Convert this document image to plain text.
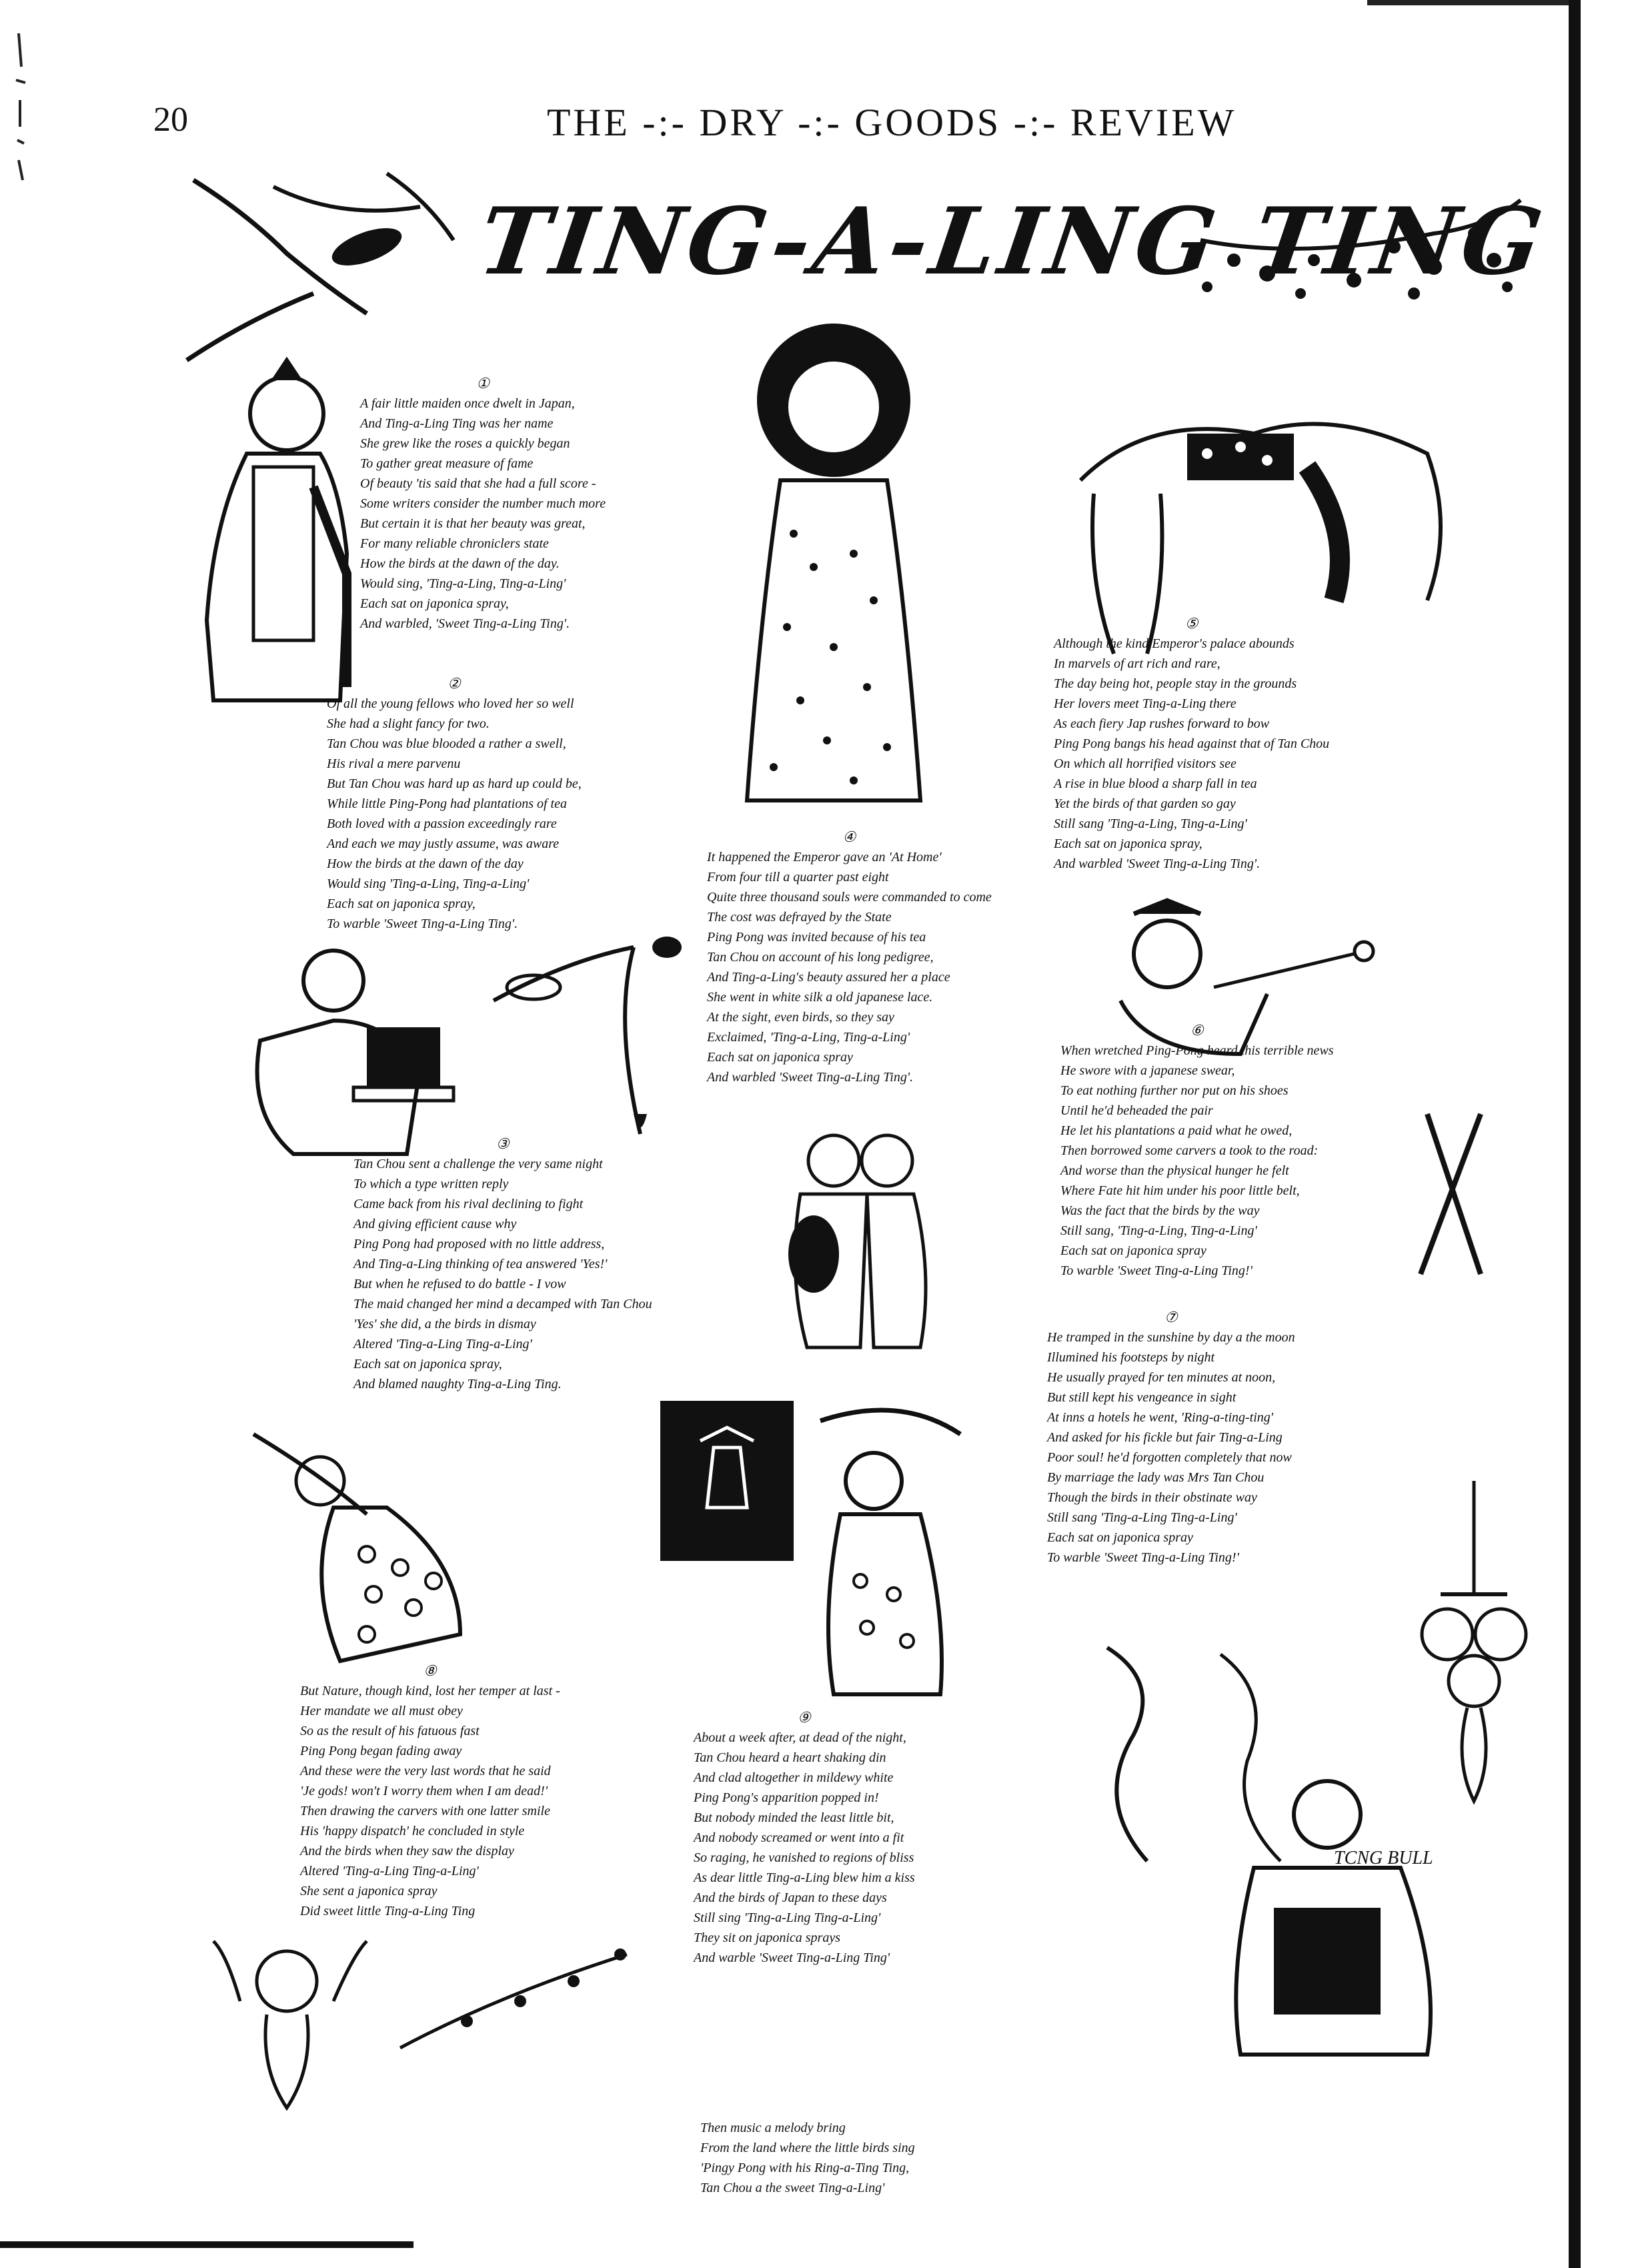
20	THE -:- DRY -:- GOODS -:- REVIEW
TING-A-LING TING
①
A fair little maiden once dwelt in Japan,
And Ting-a-Ling Ting was her name
She grew like the roses a quickly began
To gather great measure of fame
Of beauty 'tis said that she had a full score -
Some writers consider the number much more
But certain it is that her beauty was great,
For many reliable chroniclers state
How the birds at the dawn of the day.
Would sing, 'Ting-a-Ling, Ting-a-Ling'
Each sat on japonica spray,
And warbled, 'Sweet Ting-a-Ling Ting'.
②
Of all the young fellows who loved her so well
She had a slight fancy for two.
Tan Chou was blue blooded a rather a swell,
His rival a mere parvenu
But Tan Chou was hard up as hard up could be,
While little Ping-Pong had plantations of tea
Both loved with a passion exceedingly rare
And each we may justly assume, was aware
How the birds at the dawn of the day
Would sing 'Ting-a-Ling, Ting-a-Ling'
Each sat on japonica spray,
To warble 'Sweet Ting-a-Ling Ting'.
③
Tan Chou sent a challenge the very same night
To which a type written reply
Came back from his rival declining to fight
And giving efficient cause why
Ping Pong had proposed with no little address,
And Ting-a-Ling thinking of tea answered 'Yes!'
But when he refused to do battle - I vow
The maid changed her mind a decamped with Tan Chou
'Yes' she did, a the birds in dismay
Altered 'Ting-a-Ling Ting-a-Ling'
Each sat on japonica spray,
And blamed naughty Ting-a-Ling Ting.
④
It happened the Emperor gave an 'At Home'
From four till a quarter past eight
Quite three thousand souls were commanded to come
The cost was defrayed by the State
Ping Pong was invited because of his tea
Tan Chou on account of his long pedigree,
And Ting-a-Ling's beauty assured her a place
She went in white silk a old japanese lace.
At the sight, even birds, so they say
Exclaimed, 'Ting-a-Ling, Ting-a-Ling'
Each sat on japonica spray
And warbled 'Sweet Ting-a-Ling Ting'.
⑤
Although the kind Emperor's palace abounds
In marvels of art rich and rare,
The day being hot, people stay in the grounds
Her lovers meet Ting-a-Ling there
As each fiery Jap rushes forward to bow
Ping Pong bangs his head against that of Tan Chou
On which all horrified visitors see
A rise in blue blood a sharp fall in tea
Yet the birds of that garden so gay
Still sang 'Ting-a-Ling, Ting-a-Ling'
Each sat on japonica spray,
And warbled 'Sweet Ting-a-Ling Ting'.
⑥
When wretched Ping-Pong heard this terrible news
He swore with a japanese swear,
To eat nothing further nor put on his shoes
Until he'd beheaded the pair
He let his plantations a paid what he owed,
Then borrowed some carvers a took to the road:
And worse than the physical hunger he felt
Where Fate hit him under his poor little belt,
Was the fact that the birds by the way
Still sang, 'Ting-a-Ling, Ting-a-Ling'
Each sat on japonica spray
To warble 'Sweet Ting-a-Ling Ting!'
⑦
He tramped in the sunshine by day a the moon
Illumined his footsteps by night
He usually prayed for ten minutes at noon,
But still kept his vengeance in sight
At inns a hotels he went, 'Ring-a-ting-ting'
And asked for his fickle but fair Ting-a-Ling
Poor soul! he'd forgotten completely that now
By marriage the lady was Mrs Tan Chou
Though the birds in their obstinate way
Still sang 'Ting-a-Ling Ting-a-Ling'
Each sat on japonica spray
To warble 'Sweet Ting-a-Ling Ting!'
⑧
But Nature, though kind, lost her temper at last -
Her mandate we all must obey
So as the result of his fatuous fast
Ping Pong began fading away
And these were the very last words that he said
'Je gods! won't I worry them when I am dead!'
Then drawing the carvers with one latter smile
His 'happy dispatch' he concluded in style
And the birds when they saw the display
Altered 'Ting-a-Ling Ting-a-Ling'
She sent a japonica spray
Did sweet little Ting-a-Ling Ting
⑨
About a week after, at dead of the night,
Tan Chou heard a heart shaking din
And clad altogether in mildewy white
Ping Pong's apparition popped in!
But nobody minded the least little bit,
And nobody screamed or went into a fit
So raging, he vanished to regions of bliss
As dear little Ting-a-Ling blew him a kiss
And the birds of Japan to these days
Still sing 'Ting-a-Ling Ting-a-Ling'
They sit on japonica sprays
And warble 'Sweet Ting-a-Ling Ting'
Then music a melody bring
From the land where the little birds sing
'Pingy Pong with his Ring-a-Ting Ting,
Tan Chou a the sweet Ting-a-Ling'
TCNG BULL
